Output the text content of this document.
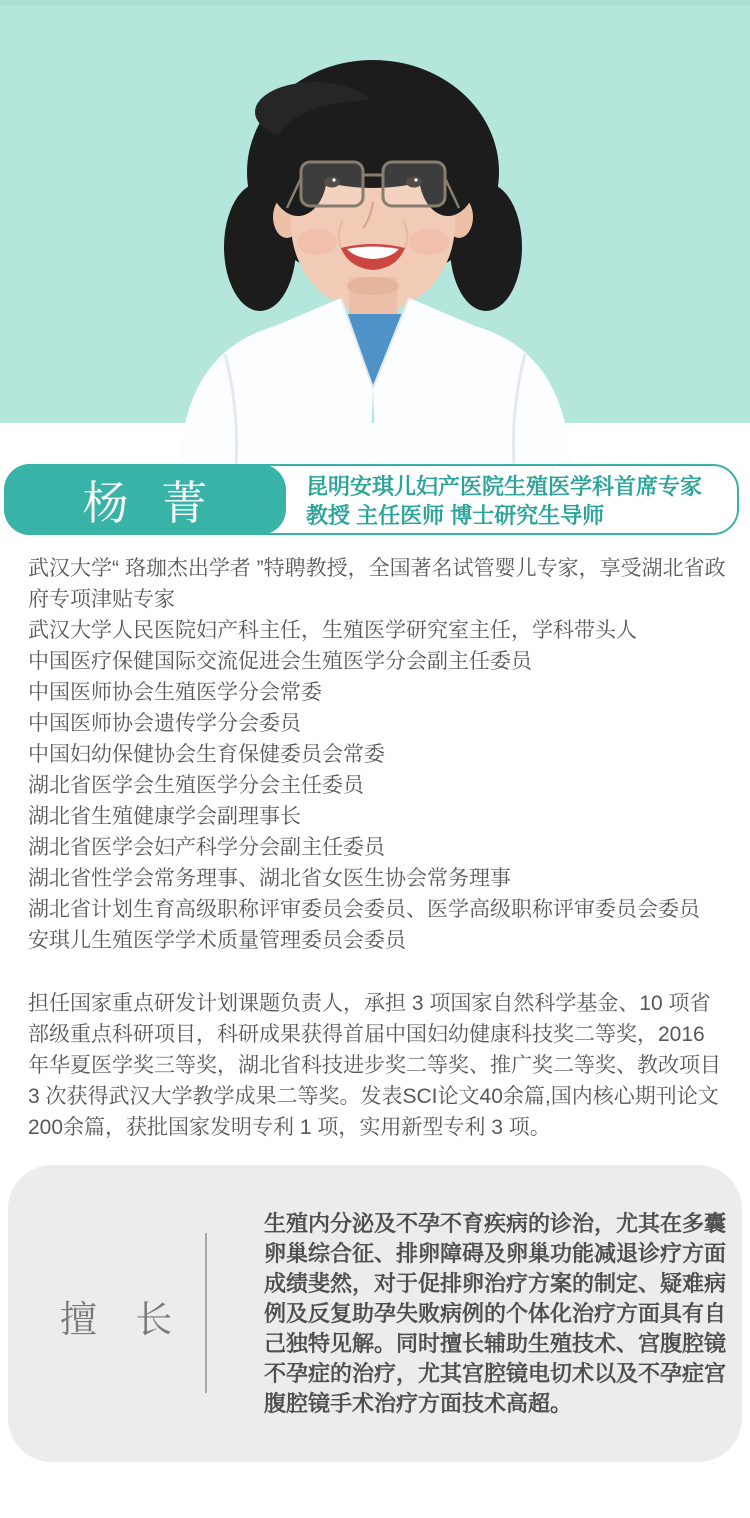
杨 菁	昆明安琪儿妇产医院生殖医学科首席专家
教授 主任医师 博士研究生导师
武汉大学“ 珞珈杰出学者 ”特聘教授，全国著名试管婴儿专家，享受湖北省政府专项津贴专家
武汉大学人民医院妇产科主任，生殖医学研究室主任，学科带头人
中国医疗保健国际交流促进会生殖医学分会副主任委员
中国医师协会生殖医学分会常委
中国医师协会遗传学分会委员
中国妇幼保健协会生育保健委员会常委
湖北省医学会生殖医学分会主任委员
湖北省生殖健康学会副理事长
湖北省医学会妇产科学分会副主任委员
湖北省性学会常务理事、湖北省女医生协会常务理事
湖北省计划生育高级职称评审委员会委员、医学高级职称评审委员会委员
安琪儿生殖医学学术质量管理委员会委员
担任国家重点研发计划课题负责人，承担 3 项国家自然科学基金、10 项省部级重点科研项目，科研成果获得首届中国妇幼健康科技奖二等奖，2016 年华夏医学奖三等奖，湖北省科技进步奖二等奖、推广奖二等奖、教改项目 3 次获得武汉大学教学成果二等奖。发表SCI论文40余篇,国内核心期刊论文200余篇，获批国家发明专利 1 项，实用新型专利 3 项。
擅 长
生殖内分泌及不孕不育疾病的诊治，尤其在多囊卵巢综合征、排卵障碍及卵巢功能减退诊疗方面成绩斐然，对于促排卵治疗方案的制定、疑难病例及反复助孕失败病例的个体化治疗方面具有自己独特见解。同时擅长辅助生殖技术、宫腹腔镜不孕症的治疗，尤其宫腔镜电切术以及不孕症宫腹腔镜手术治疗方面技术高超。
